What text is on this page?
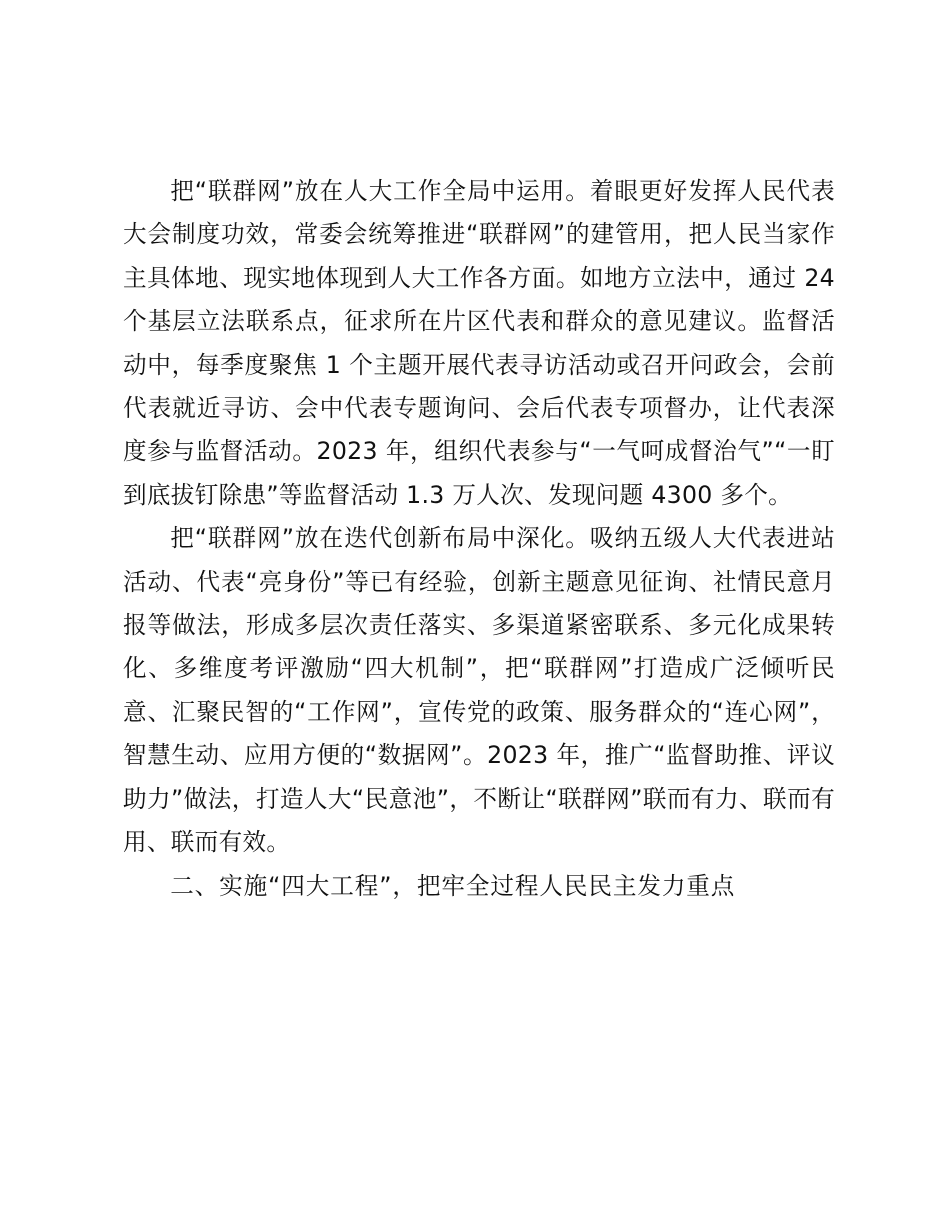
把“联群网”放在人大工作全局中运用。着眼更好发挥人民代表大会制度功效，常委会统筹推进“联群网”的建管用，把人民当家作主具体地、现实地体现到人大工作各方面。如地方立法中，通过 24 个基层立法联系点，征求所在片区代表和群众的意见建议。监督活动中，每季度聚焦 1 个主题开展代表寻访活动或召开问政会，会前代表就近寻访、会中代表专题询问、会后代表专项督办，让代表深度参与监督活动。2023 年，组织代表参与“一气呵成督治气”“一盯到底拔钉除患”等监督活动 1.3 万人次、发现问题 4300 多个。

把“联群网”放在迭代创新布局中深化。吸纳五级人大代表进站活动、代表“亮身份”等已有经验，创新主题意见征询、社情民意月报等做法，形成多层次责任落实、多渠道紧密联系、多元化成果转化、多维度考评激励“四大机制”，把“联群网”打造成广泛倾听民意、汇聚民智的“工作网”，宣传党的政策、服务群众的“连心网”，智慧生动、应用方便的“数据网”。2023 年，推广“监督助推、评议助力”做法，打造人大“民意池”，不断让“联群网”联而有力、联而有用、联而有效。

二、实施“四大工程”，把牢全过程人民民主发力重点
